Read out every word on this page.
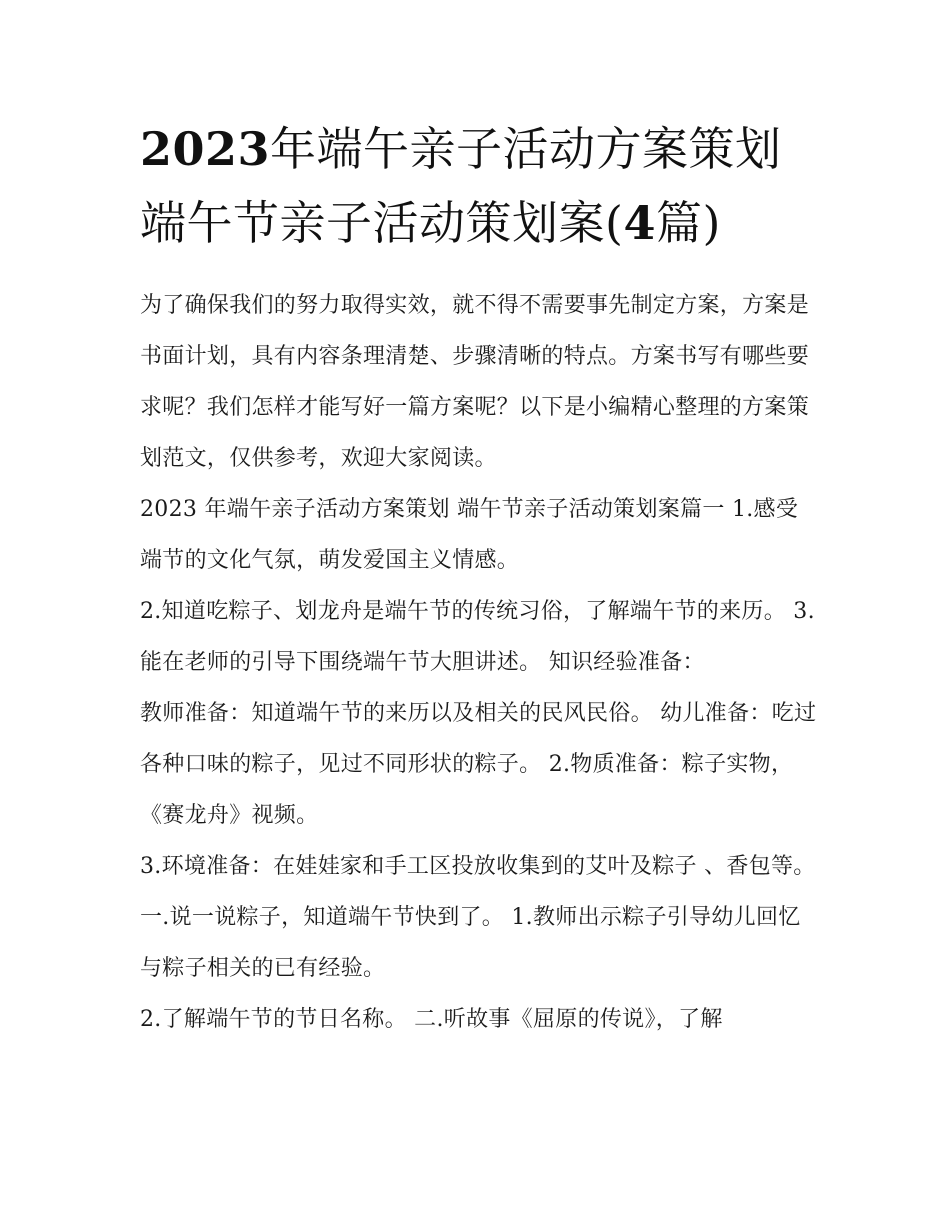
2023年端午亲子活动方案策划
端午节亲子活动策划案(4篇)

为了确保我们的努力取得实效，就不得不需要事先制定方案，方案是书面计划，具有内容条理清楚、步骤清晰的特点。方案书写有哪些要求呢？我们怎样才能写好一篇方案呢？以下是小编精心整理的方案策划范文，仅供参考，欢迎大家阅读。

2023 年端午亲子活动方案策划 端午节亲子活动策划案篇一 1.感受端节的文化气氛，萌发爱国主义情感。

2.知道吃粽子、划龙舟是端午节的传统习俗，了解端午节的来历。 3.能在老师的引导下围绕端午节大胆讲述。 知识经验准备：

教师准备：知道端午节的来历以及相关的民风民俗。 幼儿准备：吃过各种口味的粽子，见过不同形状的粽子。 2.物质准备：粽子实物，《赛龙舟》视频。

3.环境准备：在娃娃家和手工区投放收集到的艾叶及粽子 、香包等。 一.说一说粽子，知道端午节快到了。 1.教师出示粽子引导幼儿回忆与粽子相关的已有经验。

2.了解端午节的节日名称。 二.听故事《屈原的传说》，了解
